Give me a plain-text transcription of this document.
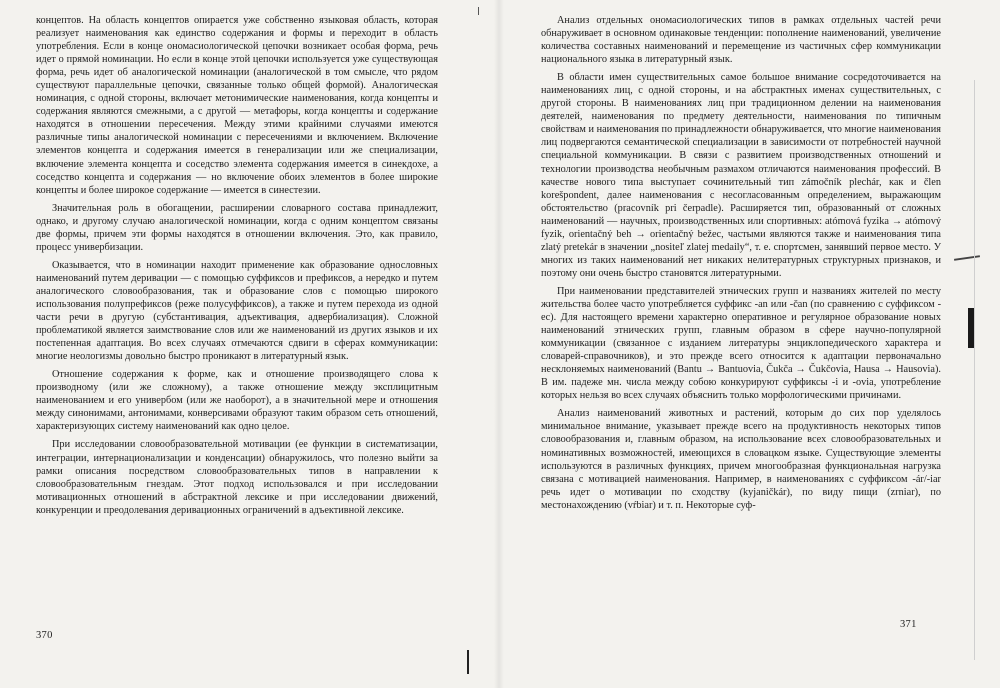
концептов. На область концептов опирается уже собственно языковая область, которая реализует наименования как единство содержания и формы и переходит в область употребления. Если в конце ономасиологической цепочки возникает особая форма, речь идет о прямой номинации. Но если в конце этой цепочки используется уже существующая форма, речь идет об аналогической номинации (аналогической в том смысле, что рядом существуют параллельные цепочки, связанные только общей формой). Аналогическая номинация, с одной стороны, включает метонимические наименования, когда концепты и содержания являются смежными, а с другой — метафоры, когда концепты и содержание находятся в отношении пересечения. Между этими крайними случаями имеются различные типы аналогической номинации с пересечениями и включением. Включение элементов концепта и содержания имеется в генерализации или же специализации, включение элемента концепта и соседство элемента содержания имеется в синекдохе, а соседство концепта и содержания — но включение обоих элементов в более широкие концепты и более широкое содержание — имеется в синестезии.

Значительная роль в обогащении, расширении словарного состава принадлежит, однако, и другому случаю аналогической номинации, когда с одним концептом связаны две формы, причем эти формы находятся в отношении включения. Это, как правило, процесс универбизации.

Оказывается, что в номинации находит применение как образование однословных наименований путем деривации — с помощью суффиксов и префиксов, а нередко и путем аналогического словообразования, так и образование слов с помощью широкого использования полупрефиксов (реже полусуффиксов), а также и путем перехода из одной части речи в другую (субстантивация, адъективация, адвербиализация). Сложной проблематикой является заимствование слов или же наименований из других языков и их постепенная адаптация. Во всех случаях отмечаются сдвиги в сферах коммуникации: многие неологизмы довольно быстро проникают в литературный язык.

Отношение содержания к форме, как и отношение производящего слова к производному (или же сложному), а также отношение между эксплицитным наименованием и его универбом (или же наоборот), а в значительной мере и отношения между синонимами, антонимами, конверсивами образуют таким образом сеть отношений, характеризующих систему наименований как одно целое.

При исследовании словообразовательной мотивации (ее функции в систематизации, интеграции, интернационализации и конденсации) обнаружилось, что полезно выйти за рамки описания посредством словообразовательных типов в направлении к словообразовательным гнездам. Этот подход использовался и при исследовании мотивационных отношений в абстрактной лексике и при исследовании движений, конкуренции и преодолевания деривационных ограничений в адъективной лексике.

370

Анализ отдельных ономасиологических типов в рамках отдельных частей речи обнаруживает в основном одинаковые тенденции: пополнение наименований, увеличение количества составных наименований и перемещение из частичных сфер коммуникации национального языка в литературный язык.

В области имен существительных самое большое внимание сосредоточивается на наименованиях лиц, с одной стороны, и на абстрактных именах существительных, с другой стороны. В наименованиях лиц при традиционном делении на наименования деятелей, наименования по предмету деятельности, наименования по типичным свойствам и наименования по принадлежности обнаруживается, что многие наименования лиц подвергаются семантической специализации в зависимости от потребностей научной специальной коммуникации. В связи с развитием производственных отношений и технологии производства необычным размахом отличаются наименования профессий. В качестве нового типа выступает сочинительный тип zámočník plechár, как и člen korešpondent, далее наименования с несогласованным определением, выражающим обстоятельство (pracovník pri čerpadle). Расширяется тип, образованный от сложных наименований — научных, производственных или спортивных: atómová fyzika → atómový fyzik, orientačný beh → orientačný bežec, частыми являются также и наименования типа zlatý pretekár в значении „nositeľ zlatej medaily“, т. е. спортсмен, занявший первое место. У многих из таких наименований нет никаких нелитературных структурных признаков, и поэтому они очень быстро становятся литературными.

При наименовании представителей этнических групп и названиях жителей по месту жительства более часто употребляется суффикс -an или -čan (по сравнению с суффиксом -ec). Для настоящего времени характерно оперативное и регулярное образование новых наименований этнических групп, главным образом в сфере научно-популярной коммуникации (связанное с изданием литературы энциклопедического характера и словарей-справочников), и это прежде всего относится к адаптации первоначально несклоняемых наименований (Bantu → Bantuovia, Čukča → Čukčovia, Hausa → Hausovia). В им. падеже мн. числа между собою конкурируют суффиксы -i и -ovia, употребление которых нельзя во всех случаях объяснить только морфологическими причинами.

Анализ наименований животных и растений, которым до сих пор уделялось минимальное внимание, указывает прежде всего на продуктивность некоторых типов словообразования и, главным образом, на использование всех словообразовательных и номинативных возможностей, имеющихся в словацком языке. Существующие элементы используются в различных функциях, причем многообразная функциональная нагрузка связана с мотивацией наименования. Например, в наименованиях с суффиксом -ár/-iar речь идет о мотивации по сходству (kyjaničkár), по виду пищи (zrniar), по местонахождению (vŕbiar) и т. п. Некоторые суф-

371
